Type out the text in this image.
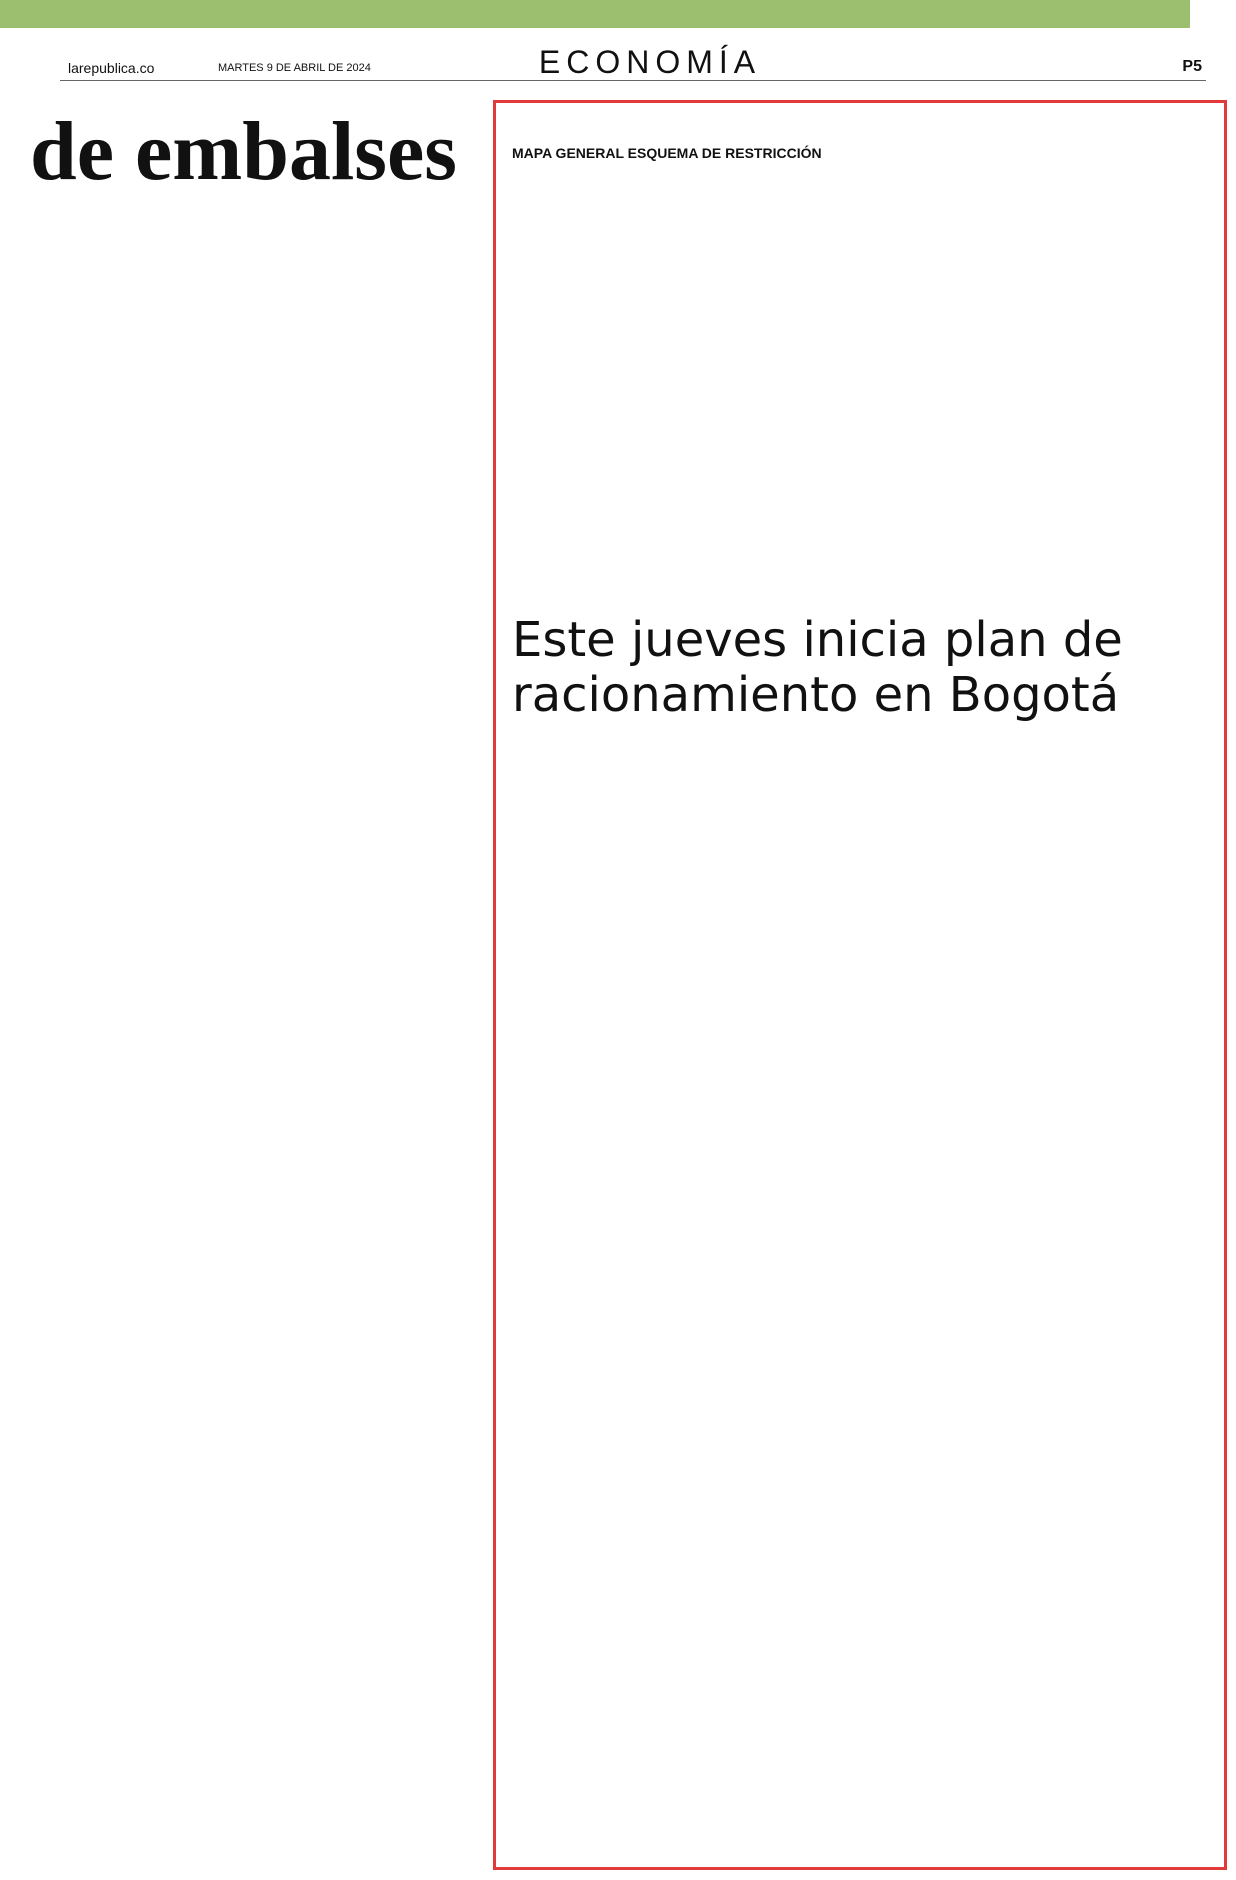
larepublica.co	MARTES 9 DE ABRIL DE 2024	ECONOMÍA	P5
de embalses	MAPA GENERAL ESQUEMA DE RESTRICCIÓN
Este jueves inicia plan de racionamiento en Bogotá
